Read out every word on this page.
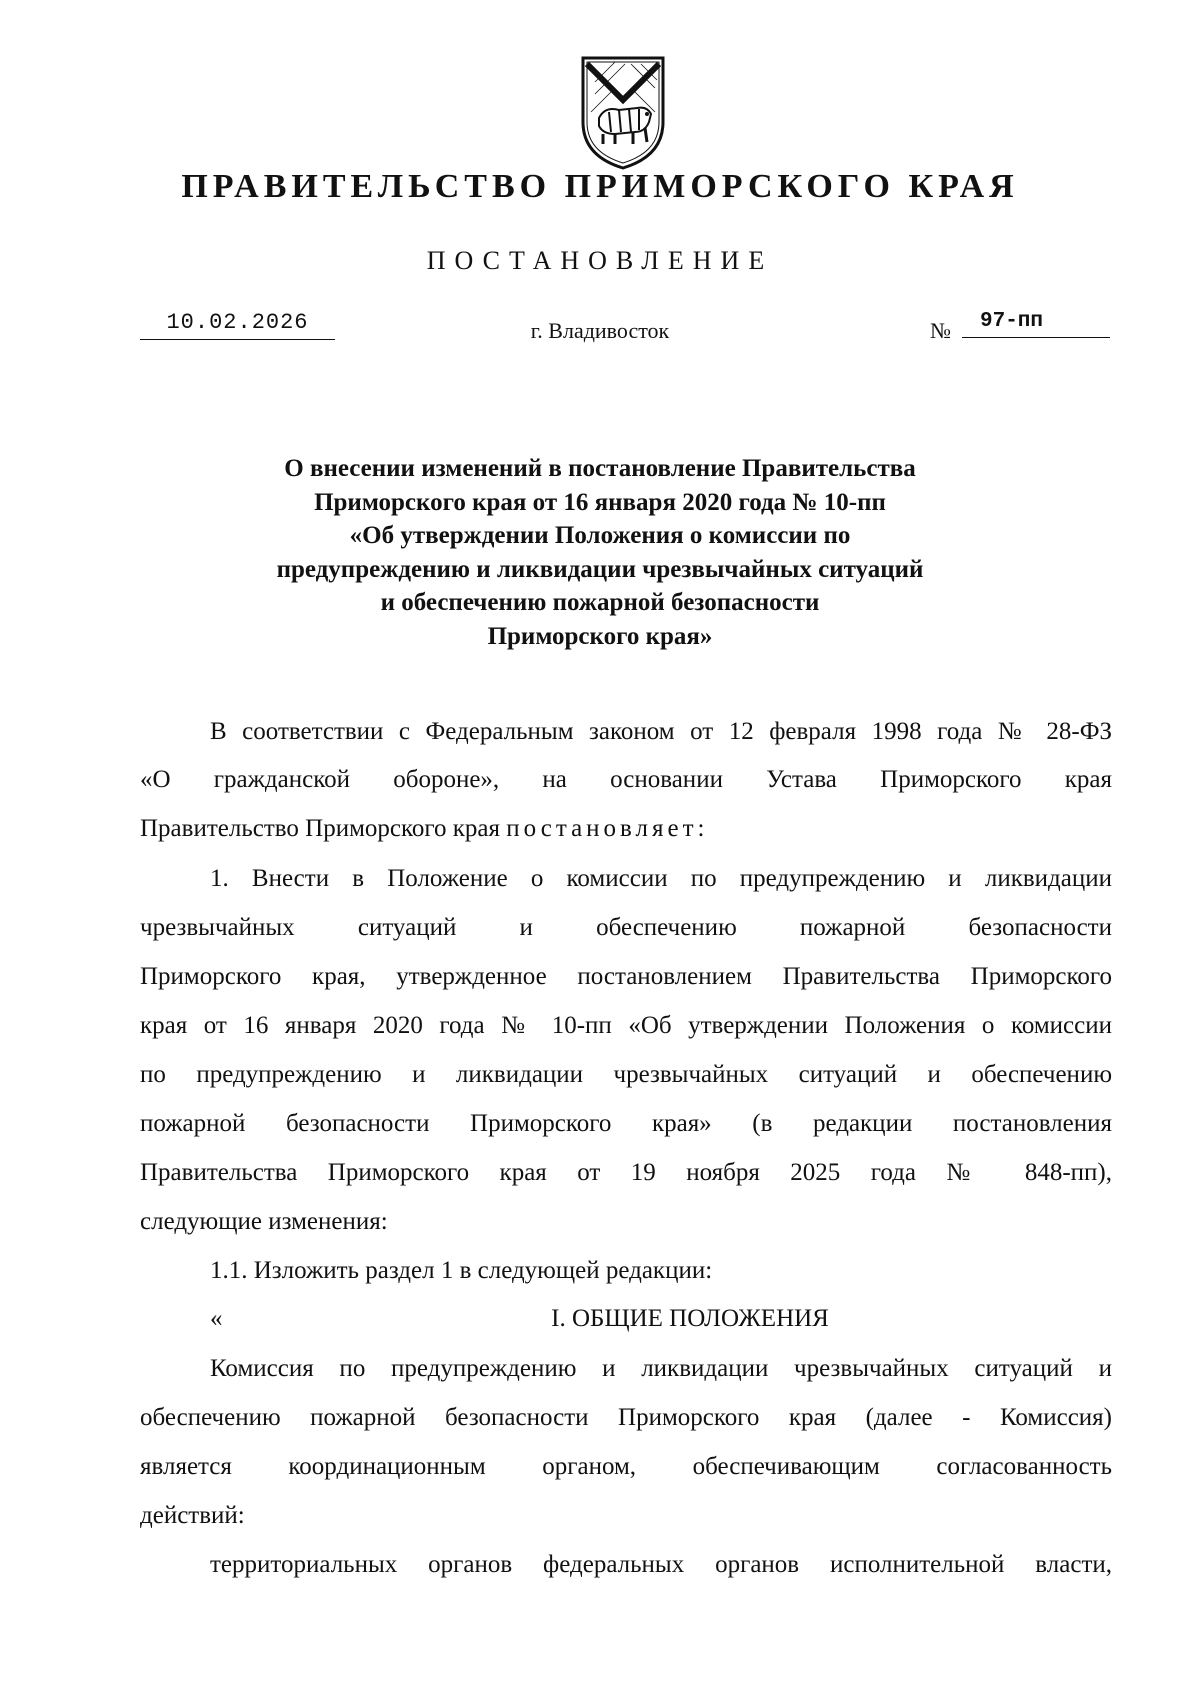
ПРАВИТЕЛЬСТВО ПРИМОРСКОГО КРАЯ
ПОСТАНОВЛЕНИЕ
10.02.2026	г. Владивосток	№	97-пп
О внесении изменений в постановление Правительства
Приморского края от 16 января 2020 года № 10-пп
«Об утверждении Положения о комиссии по
предупреждению и ликвидации чрезвычайных ситуаций
и обеспечению пожарной безопасности
Приморского края»
В соответствии с Федеральным законом от 12 февраля 1998 года № 28-ФЗ
«О гражданской обороне», на основании Устава Приморского края
Правительство Приморского края постановляет:
1. Внести в Положение о комиссии по предупреждению и ликвидации
чрезвычайных ситуаций и обеспечению пожарной безопасности
Приморского края, утвержденное постановлением Правительства Приморского
края от 16 января 2020 года № 10-пп «Об утверждении Положения о комиссии
по предупреждению и ликвидации чрезвычайных ситуаций и обеспечению
пожарной безопасности Приморского края» (в редакции постановления
Правительства Приморского края от 19 ноября 2025 года № 848-пп),
следующие изменения:
1.1. Изложить раздел 1 в следующей редакции:
«	I. ОБЩИЕ ПОЛОЖЕНИЯ
Комиссия по предупреждению и ликвидации чрезвычайных ситуаций и
обеспечению пожарной безопасности Приморского края (далее - Комиссия)
является координационным органом, обеспечивающим согласованность
действий:
территориальных органов федеральных органов исполнительной власти,
